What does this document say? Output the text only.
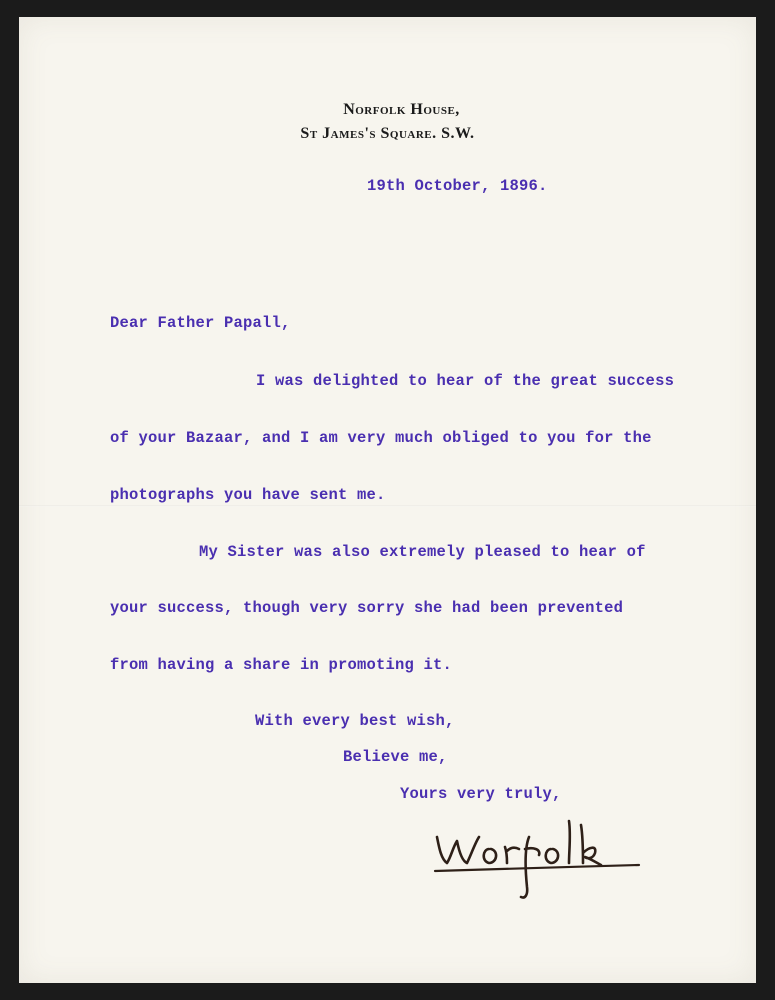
Norfolk House,
St James's Square. S.W.
19th October, 1896.
Dear Father Papall,
I was delighted to hear of the great success
of your Bazaar, and I am very much obliged to you for the
photographs you have sent me.
My Sister was also extremely pleased to hear of
your success, though very sorry she had been prevented
from having a share in promoting it.
With every best wish,
Believe me,
Yours very truly,
